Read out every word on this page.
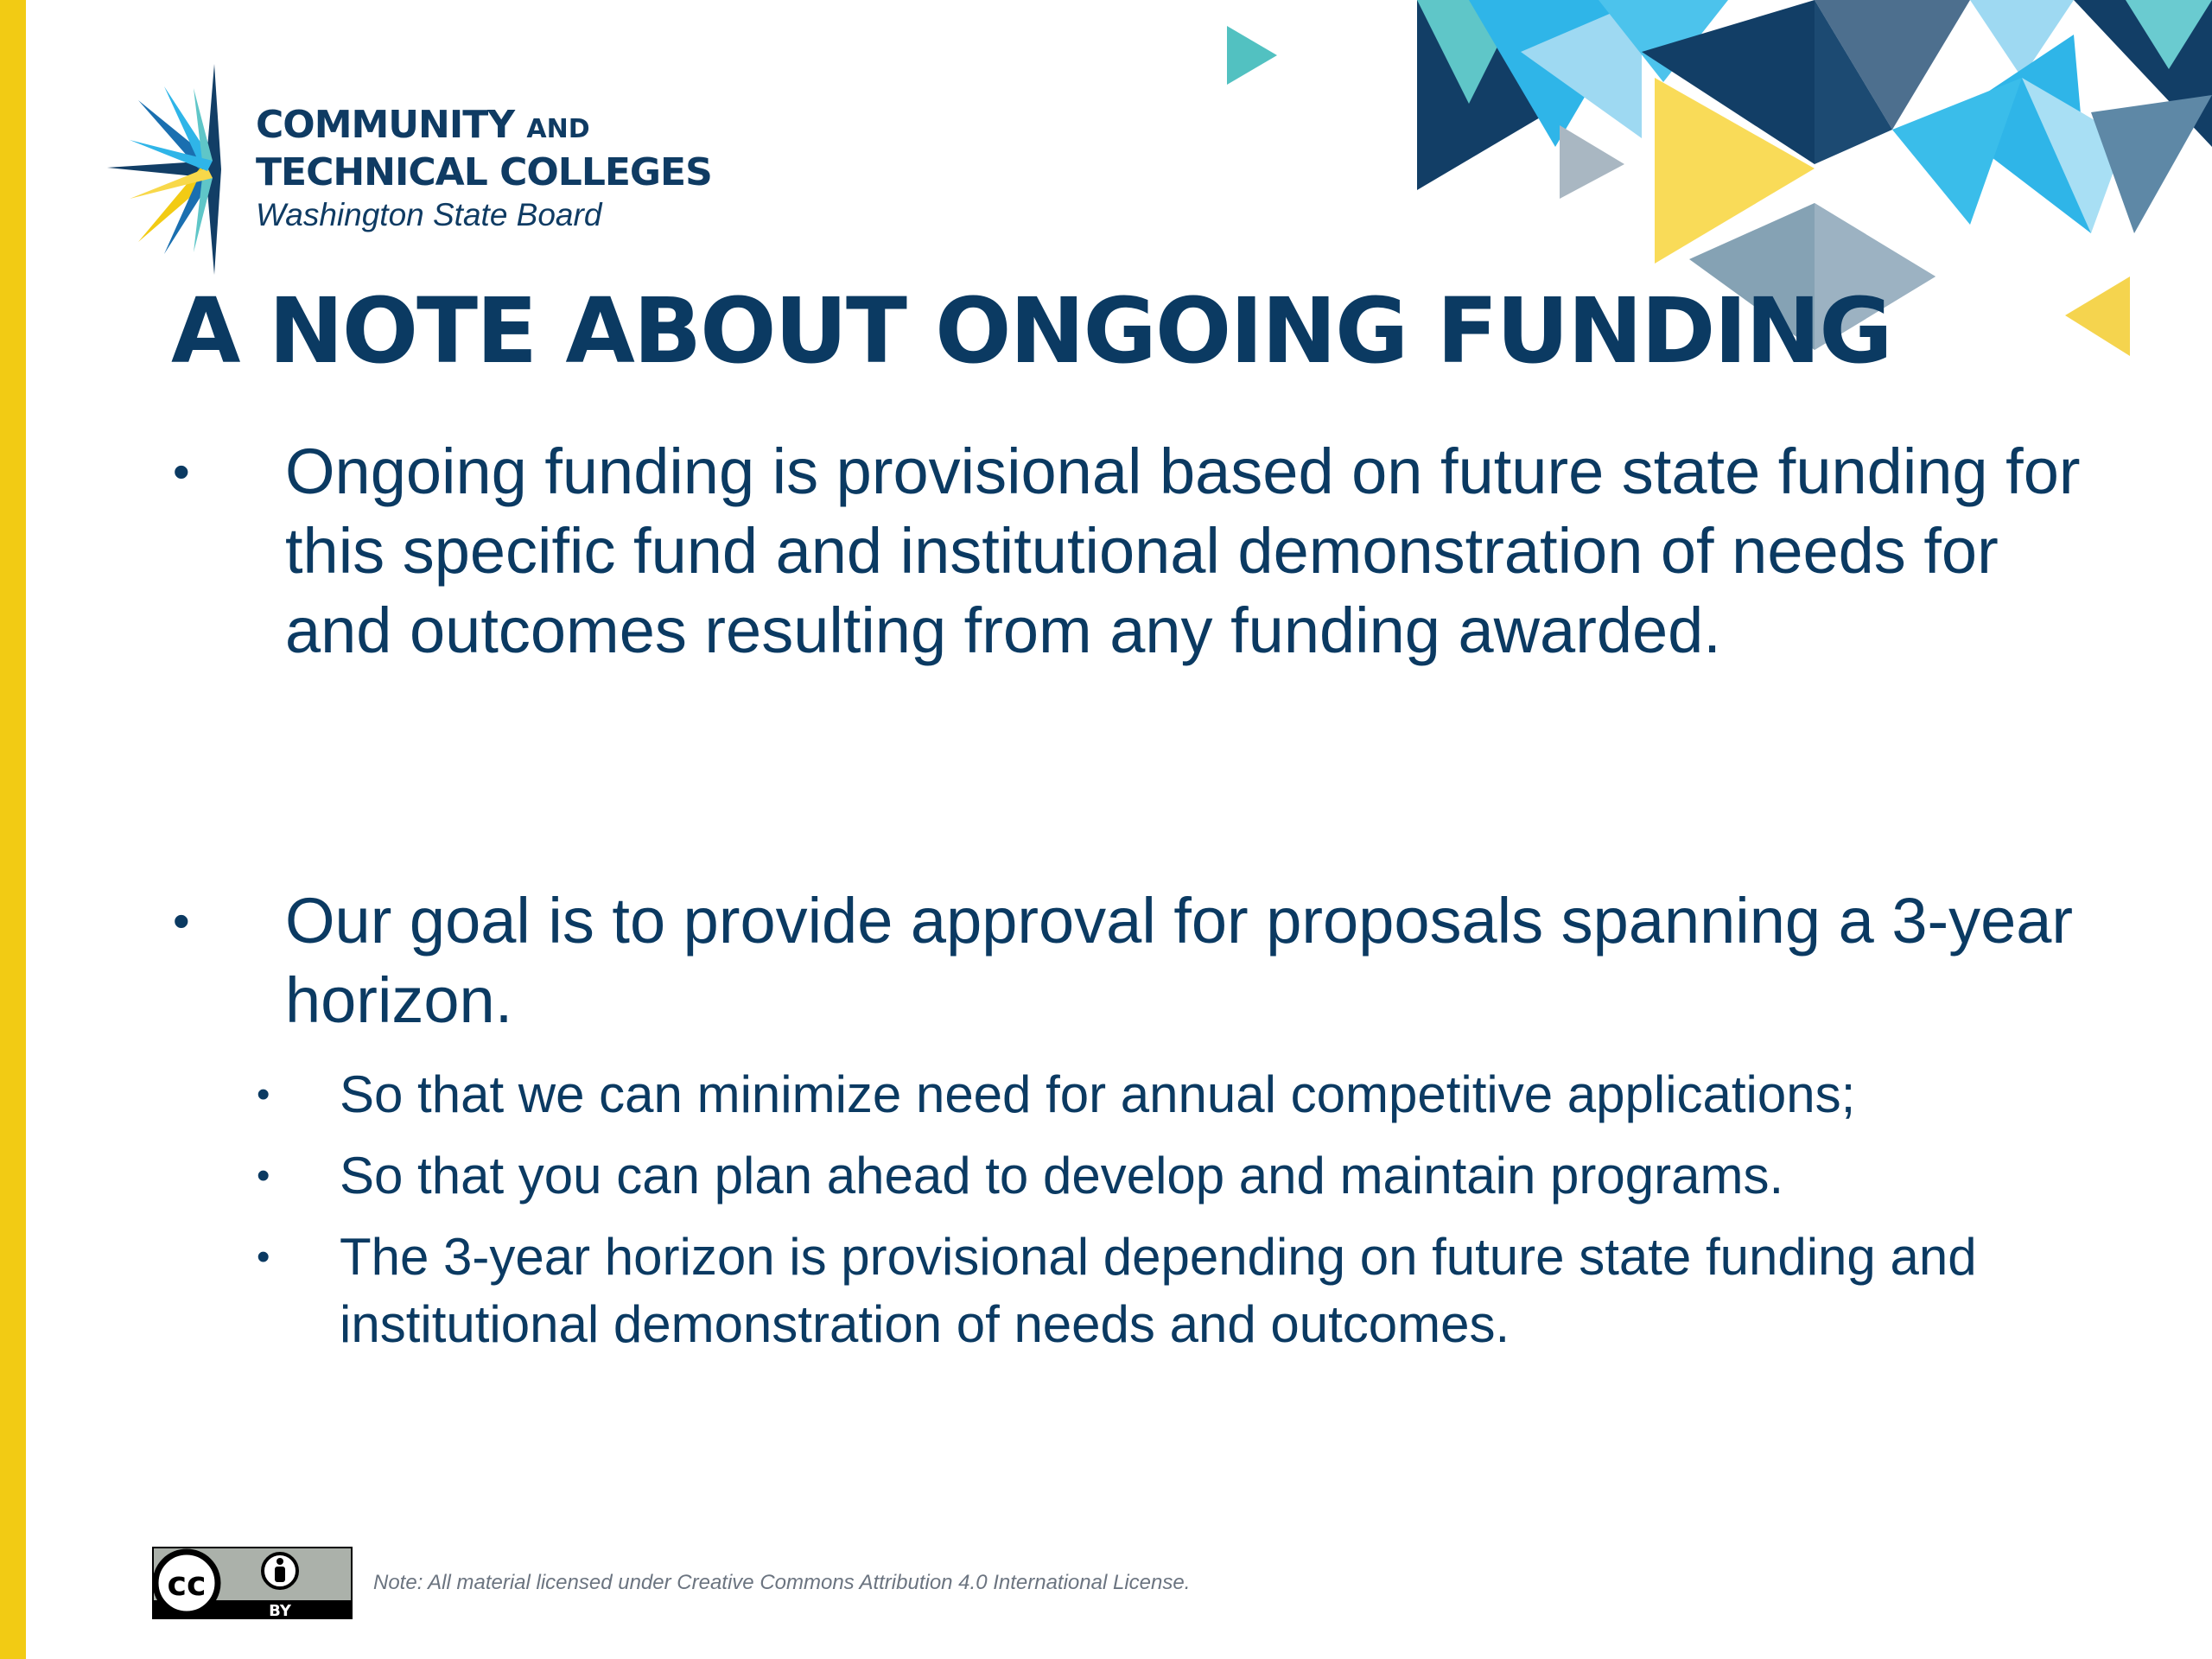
COMMUNITY AND
TECHNICAL COLLEGES
Washington State Board
A NOTE ABOUT ONGOING FUNDING

• Ongoing funding is provisional based on future state funding for this specific fund and institutional demonstration of needs for and outcomes resulting from any funding awarded.

• Our goal is to provide approval for proposals spanning a 3-year horizon.

• So that we can minimize need for annual competitive applications;

• So that you can plan ahead to develop and maintain programs.

• The 3-year horizon is provisional depending on future state funding and institutional demonstration of needs and outcomes.

cc
BY
Note: All material licensed under Creative Commons Attribution 4.0 International License.
